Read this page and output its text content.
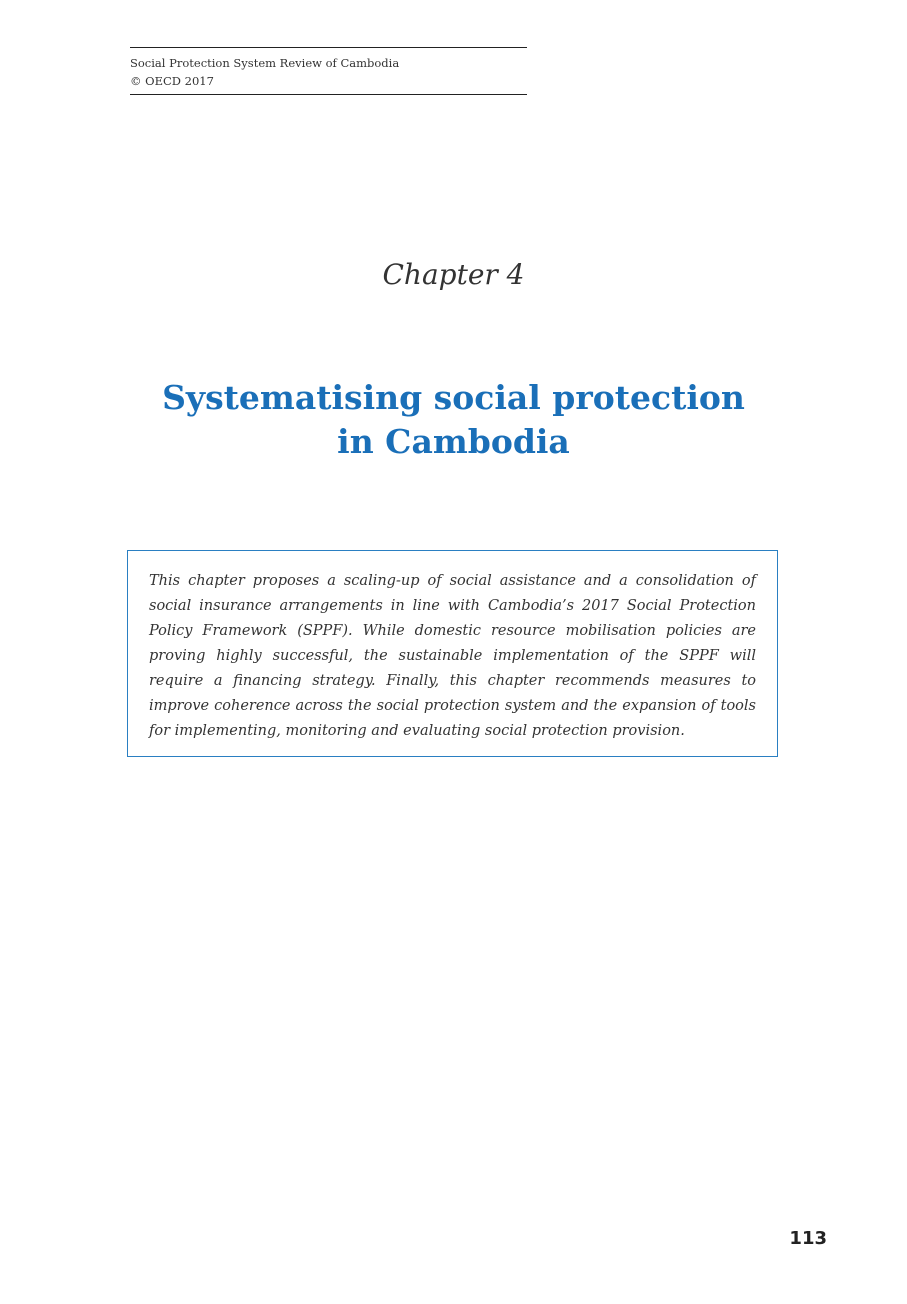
Social Protection System Review of Cambodia
© OECD 2017
Chapter 4
Systematising social protection
in Cambodia

This chapter proposes a scaling-up of social assistance and a consolidation of social insurance arrangements in line with Cambodia’s 2017 Social Protection Policy Framework (SPPF). While domestic resource mobilisation policies are proving highly successful, the sustainable implementation of the SPPF will require a financing strategy. Finally, this chapter recommends measures to improve coherence across the social protection system and the expansion of tools for implementing, monitoring and evaluating social protection provision.

113
